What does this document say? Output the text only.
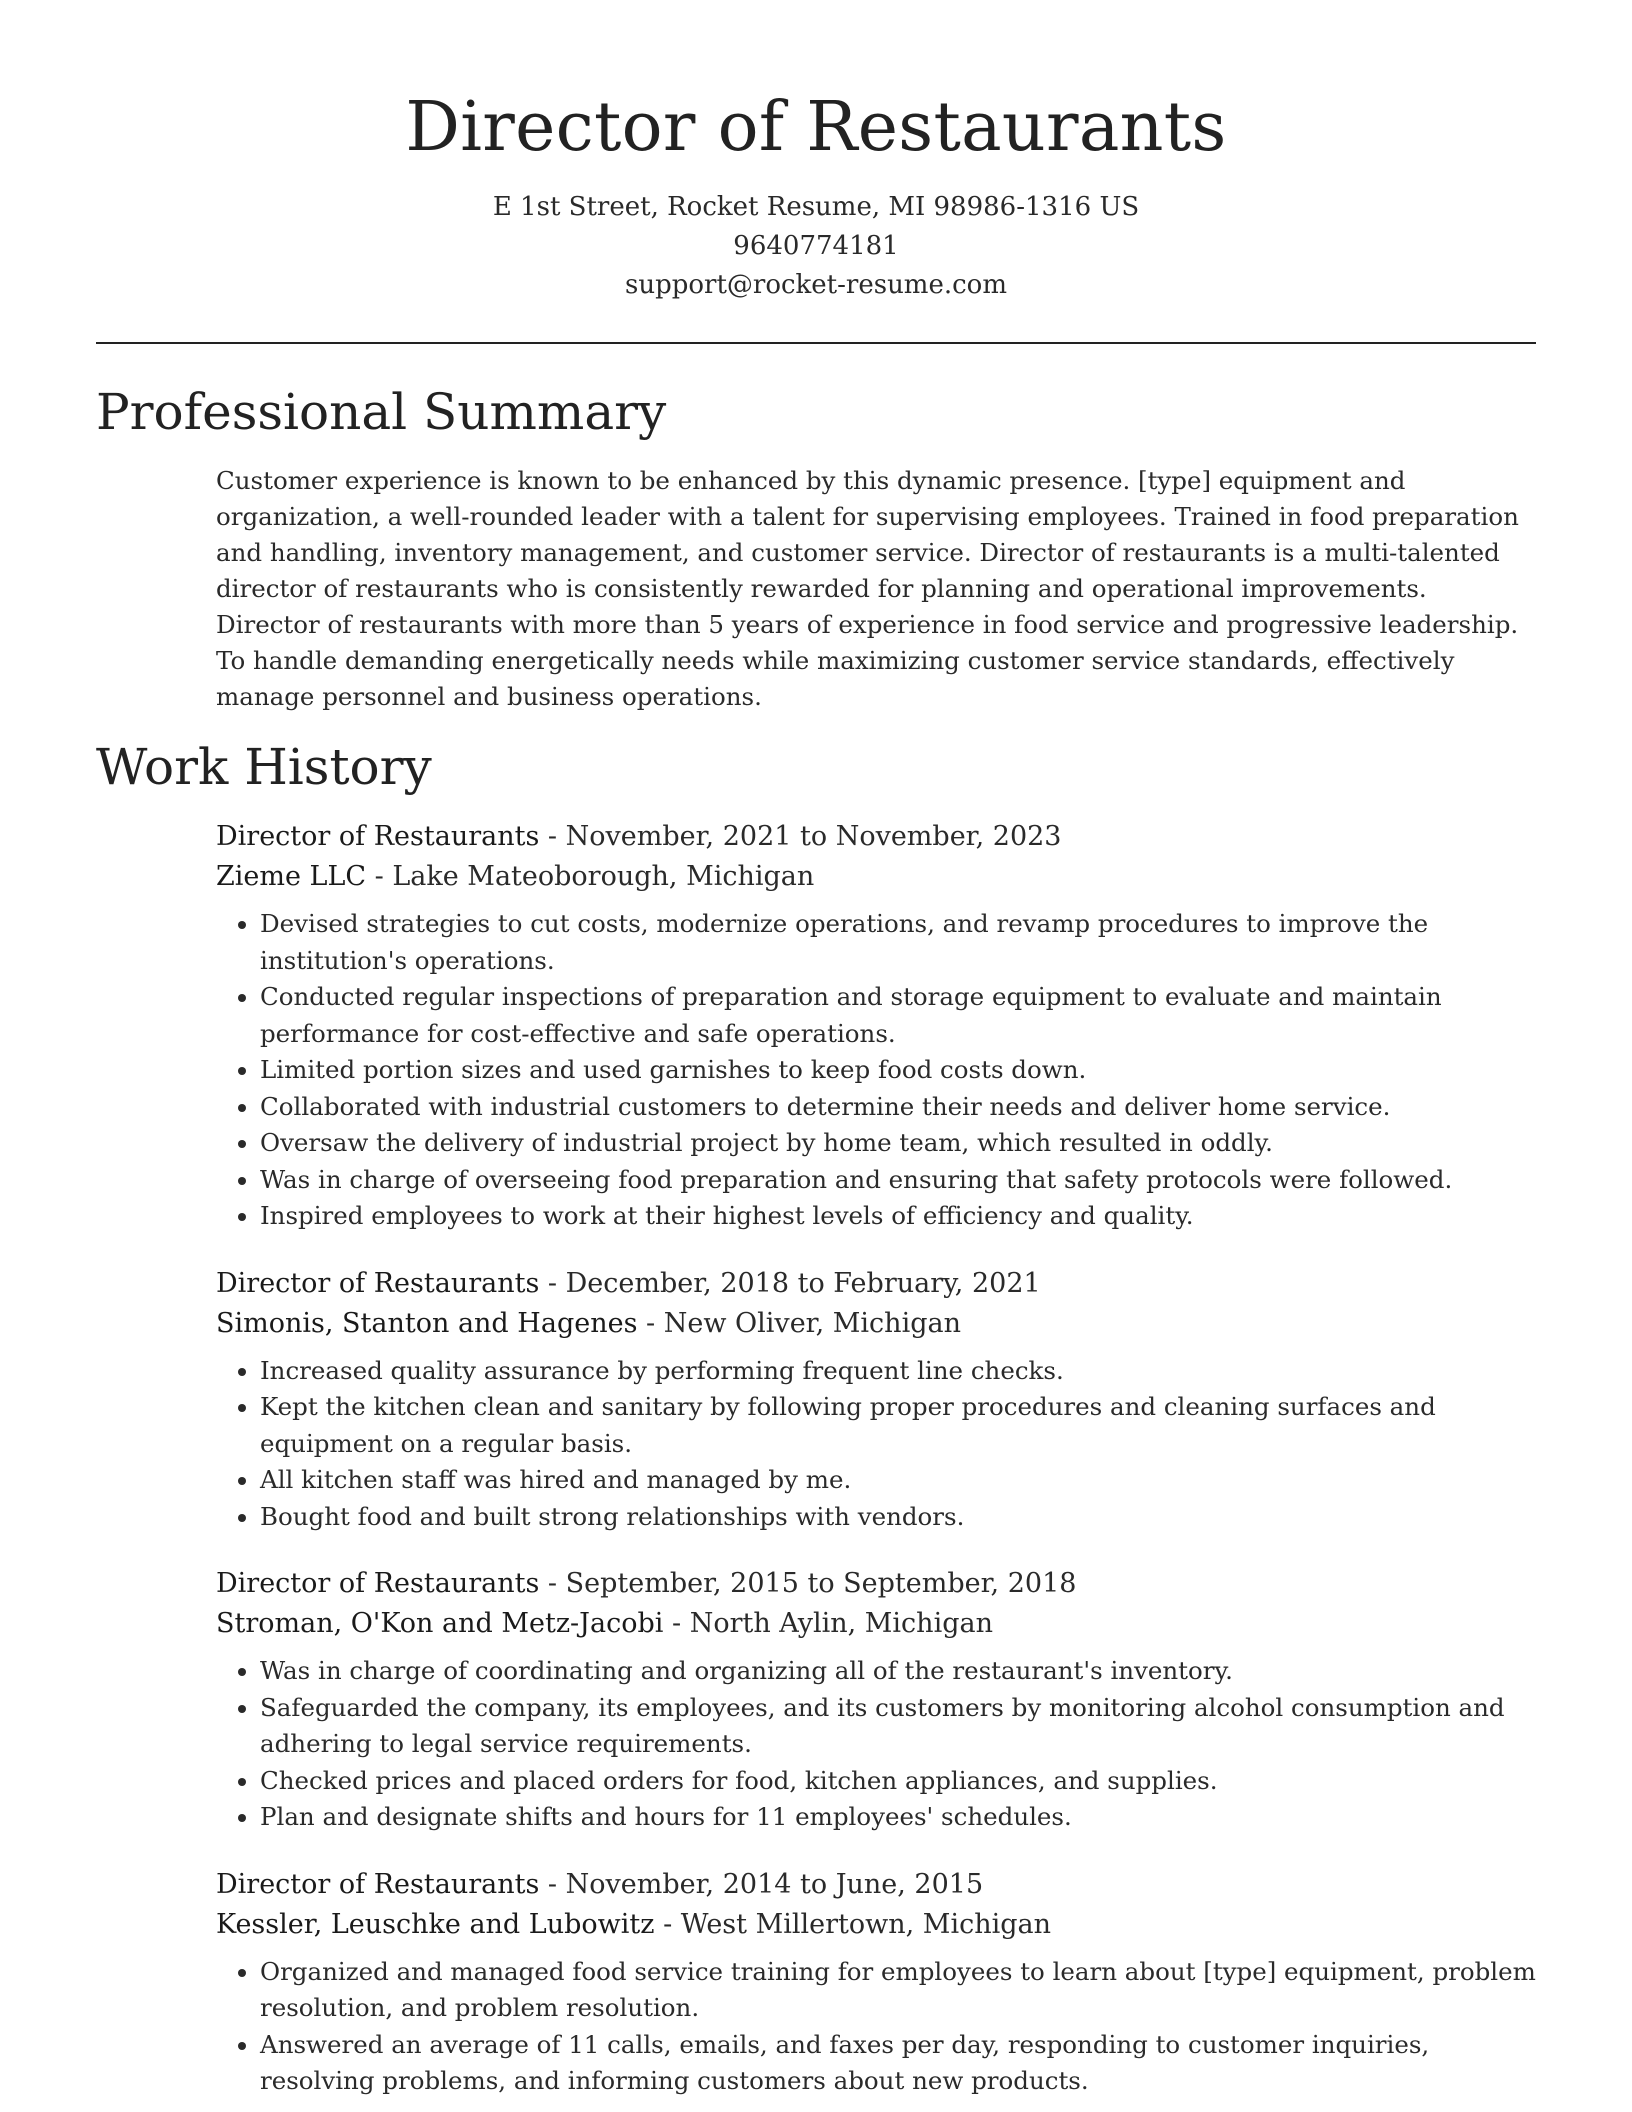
Director of Restaurants

E 1st Street, Rocket Resume, MI 98986-1316 US

9640774181

support@rocket-resume.com

Professional Summary

Customer experience is known to be enhanced by this dynamic presence. [type] equipment and organization, a well-rounded leader with a talent for supervising employees. Trained in food preparation and handling, inventory management, and customer service. Director of restaurants is a multi-talented director of restaurants who is consistently rewarded for planning and operational improvements. Director of restaurants with more than 5 years of experience in food service and progressive leadership. To handle demanding energetically needs while maximizing customer service standards, effectively manage personnel and business operations.

Work History

Director of Restaurants - November, 2021 to November, 2023

Zieme LLC - Lake Mateoborough, Michigan

• Devised strategies to cut costs, modernize operations, and revamp procedures to improve the institution's operations.
• Conducted regular inspections of preparation and storage equipment to evaluate and maintain performance for cost-effective and safe operations.
• Limited portion sizes and used garnishes to keep food costs down.
• Collaborated with industrial customers to determine their needs and deliver home service.
• Oversaw the delivery of industrial project by home team, which resulted in oddly.
• Was in charge of overseeing food preparation and ensuring that safety protocols were followed.
• Inspired employees to work at their highest levels of efficiency and quality.

Director of Restaurants - December, 2018 to February, 2021

Simonis, Stanton and Hagenes - New Oliver, Michigan

• Increased quality assurance by performing frequent line checks.
• Kept the kitchen clean and sanitary by following proper procedures and cleaning surfaces and equipment on a regular basis.
• All kitchen staff was hired and managed by me.
• Bought food and built strong relationships with vendors.

Director of Restaurants - September, 2015 to September, 2018

Stroman, O'Kon and Metz-Jacobi - North Aylin, Michigan

• Was in charge of coordinating and organizing all of the restaurant's inventory.
• Safeguarded the company, its employees, and its customers by monitoring alcohol consumption and adhering to legal service requirements.
• Checked prices and placed orders for food, kitchen appliances, and supplies.
• Plan and designate shifts and hours for 11 employees' schedules.

Director of Restaurants - November, 2014 to June, 2015

Kessler, Leuschke and Lubowitz - West Millertown, Michigan

• Organized and managed food service training for employees to learn about [type] equipment, problem resolution, and problem resolution.
• Answered an average of 11 calls, emails, and faxes per day, responding to customer inquiries, resolving problems, and informing customers about new products.
